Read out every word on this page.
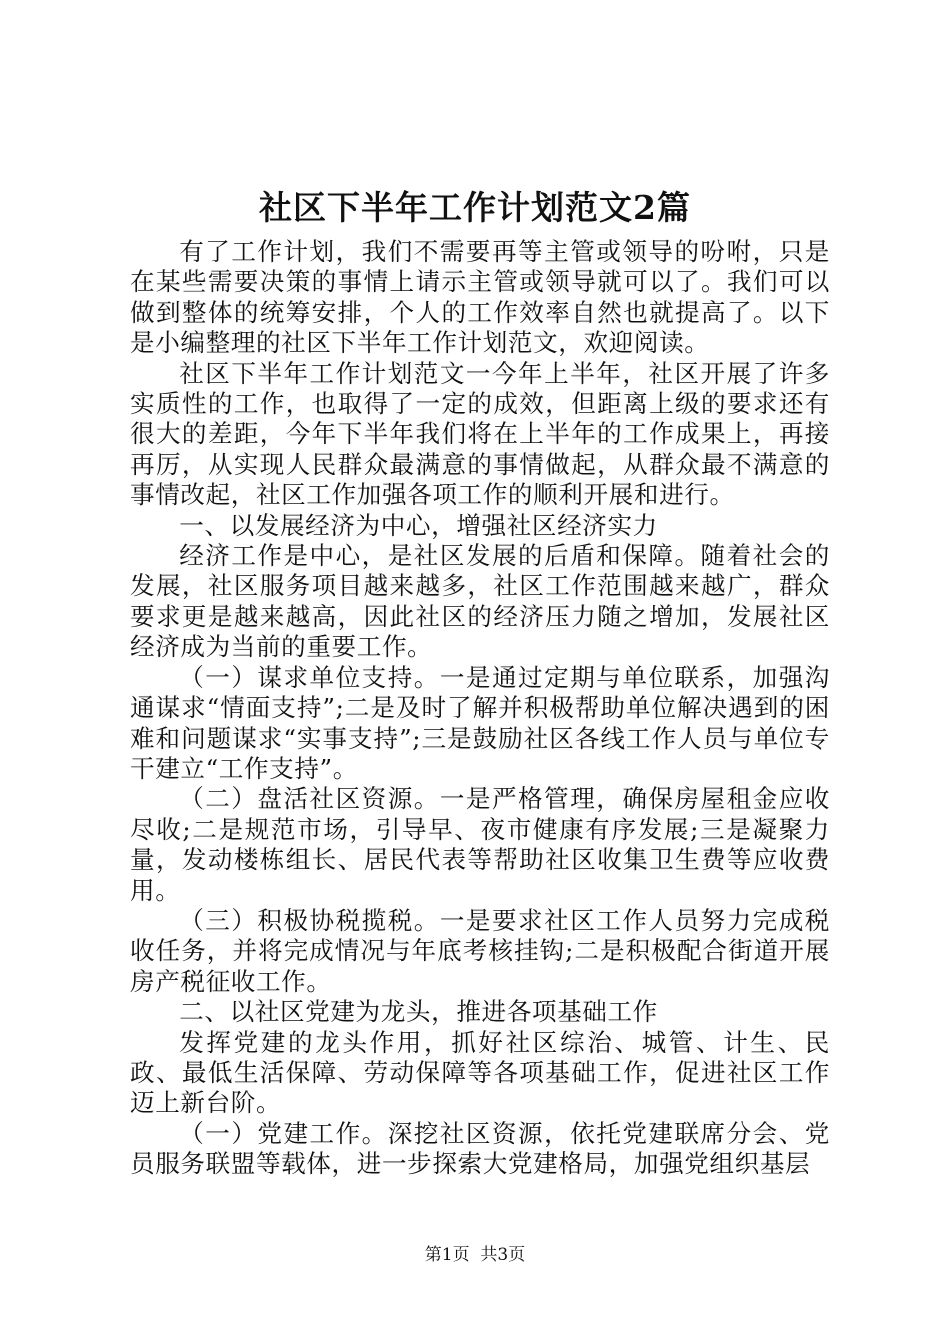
社区下半年工作计划范文2篇

有了工作计划，我们不需要再等主管或领导的吩咐，只是在某些需要决策的事情上请示主管或领导就可以了。我们可以做到整体的统筹安排，个人的工作效率自然也就提高了。以下是小编整理的社区下半年工作计划范文，欢迎阅读。

社区下半年工作计划范文一今年上半年，社区开展了许多实质性的工作，也取得了一定的成效，但距离上级的要求还有很大的差距，今年下半年我们将在上半年的工作成果上，再接再厉，从实现人民群众最满意的事情做起，从群众最不满意的事情改起，社区工作加强各项工作的顺利开展和进行。

一、以发展经济为中心，增强社区经济实力

经济工作是中心，是社区发展的后盾和保障。随着社会的发展，社区服务项目越来越多，社区工作范围越来越广，群众要求更是越来越高，因此社区的经济压力随之增加，发展社区经济成为当前的重要工作。

（一）谋求单位支持。一是通过定期与单位联系，加强沟通谋求“情面支持”;二是及时了解并积极帮助单位解决遇到的困难和问题谋求“实事支持”;三是鼓励社区各线工作人员与单位专干建立“工作支持”。

（二）盘活社区资源。一是严格管理，确保房屋租金应收尽收;二是规范市场，引导早、夜市健康有序发展;三是凝聚力量，发动楼栋组长、居民代表等帮助社区收集卫生费等应收费用。

（三）积极协税揽税。一是要求社区工作人员努力完成税收任务，并将完成情况与年底考核挂钩;二是积极配合街道开展房产税征收工作。

二、以社区党建为龙头，推进各项基础工作

发挥党建的龙头作用，抓好社区综治、城管、计生、民政、最低生活保障、劳动保障等各项基础工作，促进社区工作迈上新台阶。

（一）党建工作。深挖社区资源，依托党建联席分会、党员服务联盟等载体，进一步探索大党建格局，加强党组织基层

第1页 共3页
